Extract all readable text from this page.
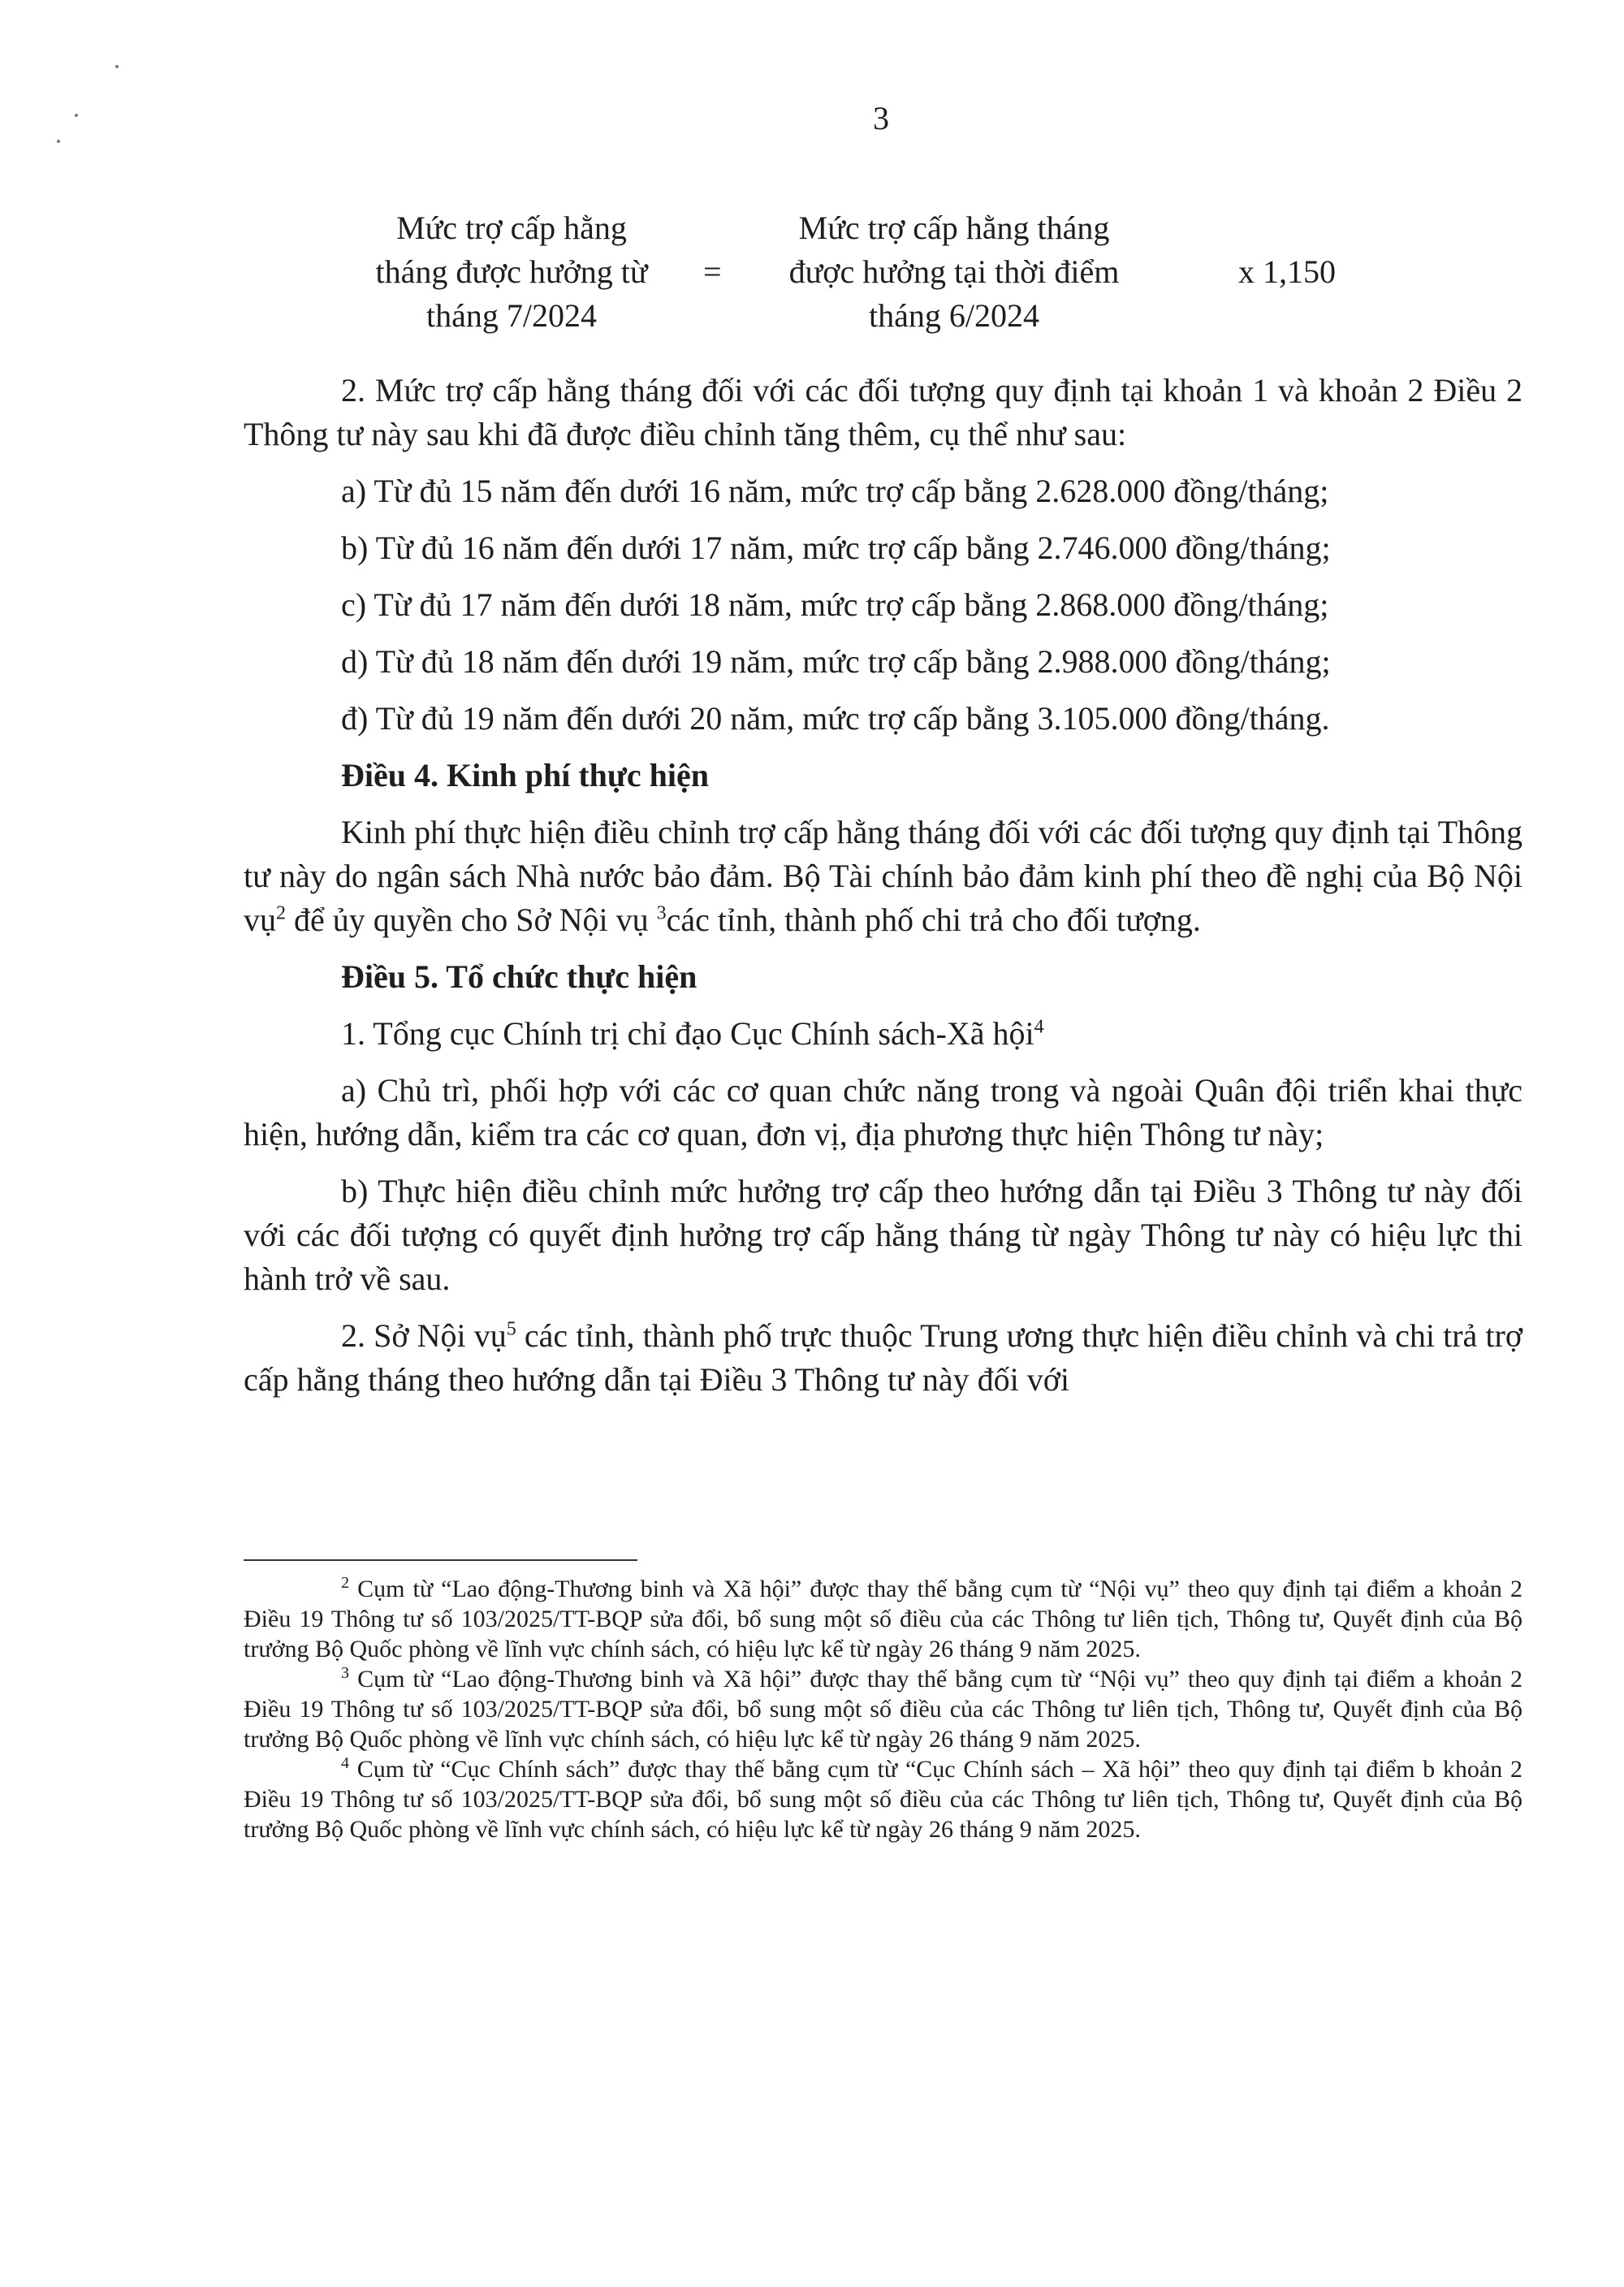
3
Mức trợ cấp hằng
tháng được hưởng từ
tháng 7/2024
=
Mức trợ cấp hằng tháng
được hưởng tại thời điểm
tháng 6/2024
x 1,150

2. Mức trợ cấp hằng tháng đối với các đối tượng quy định tại khoản 1 và khoản 2 Điều 2 Thông tư này sau khi đã được điều chỉnh tăng thêm, cụ thể như sau:

a) Từ đủ 15 năm đến dưới 16 năm, mức trợ cấp bằng 2.628.000 đồng/tháng;

b) Từ đủ 16 năm đến dưới 17 năm, mức trợ cấp bằng 2.746.000 đồng/tháng;

c) Từ đủ 17 năm đến dưới 18 năm, mức trợ cấp bằng 2.868.000 đồng/tháng;

d) Từ đủ 18 năm đến dưới 19 năm, mức trợ cấp bằng 2.988.000 đồng/tháng;

đ) Từ đủ 19 năm đến dưới 20 năm, mức trợ cấp bằng 3.105.000 đồng/tháng.

Điều 4. Kinh phí thực hiện

Kinh phí thực hiện điều chỉnh trợ cấp hằng tháng đối với các đối tượng quy định tại Thông tư này do ngân sách Nhà nước bảo đảm. Bộ Tài chính bảo đảm kinh phí theo đề nghị của Bộ Nội vụ$^2$ để ủy quyền cho Sở Nội vụ $^3$các tỉnh, thành phố chi trả cho đối tượng.

Điều 5. Tổ chức thực hiện

1. Tổng cục Chính trị chỉ đạo Cục Chính sách-Xã hội$^4$

a) Chủ trì, phối hợp với các cơ quan chức năng trong và ngoài Quân đội triển khai thực hiện, hướng dẫn, kiểm tra các cơ quan, đơn vị, địa phương thực hiện Thông tư này;

b) Thực hiện điều chỉnh mức hưởng trợ cấp theo hướng dẫn tại Điều 3 Thông tư này đối với các đối tượng có quyết định hưởng trợ cấp hằng tháng từ ngày Thông tư này có hiệu lực thi hành trở về sau.

2. Sở Nội vụ$^5$ các tỉnh, thành phố trực thuộc Trung ương thực hiện điều chỉnh và chi trả trợ cấp hằng tháng theo hướng dẫn tại Điều 3 Thông tư này đối với

$^2$ Cụm từ “Lao động-Thương binh và Xã hội” được thay thế bằng cụm từ “Nội vụ” theo quy định tại điểm a khoản 2 Điều 19 Thông tư số 103/2025/TT-BQP sửa đổi, bổ sung một số điều của các Thông tư liên tịch, Thông tư, Quyết định của Bộ trưởng Bộ Quốc phòng về lĩnh vực chính sách, có hiệu lực kể từ ngày 26 tháng 9 năm 2025.

$^3$ Cụm từ “Lao động-Thương binh và Xã hội” được thay thế bằng cụm từ “Nội vụ” theo quy định tại điểm a khoản 2 Điều 19 Thông tư số 103/2025/TT-BQP sửa đổi, bổ sung một số điều của các Thông tư liên tịch, Thông tư, Quyết định của Bộ trưởng Bộ Quốc phòng về lĩnh vực chính sách, có hiệu lực kể từ ngày 26 tháng 9 năm 2025.

$^4$ Cụm từ “Cục Chính sách” được thay thế bằng cụm từ “Cục Chính sách – Xã hội” theo quy định tại điểm b khoản 2 Điều 19 Thông tư số 103/2025/TT-BQP sửa đổi, bổ sung một số điều của các Thông tư liên tịch, Thông tư, Quyết định của Bộ trưởng Bộ Quốc phòng về lĩnh vực chính sách, có hiệu lực kể từ ngày 26 tháng 9 năm 2025.
